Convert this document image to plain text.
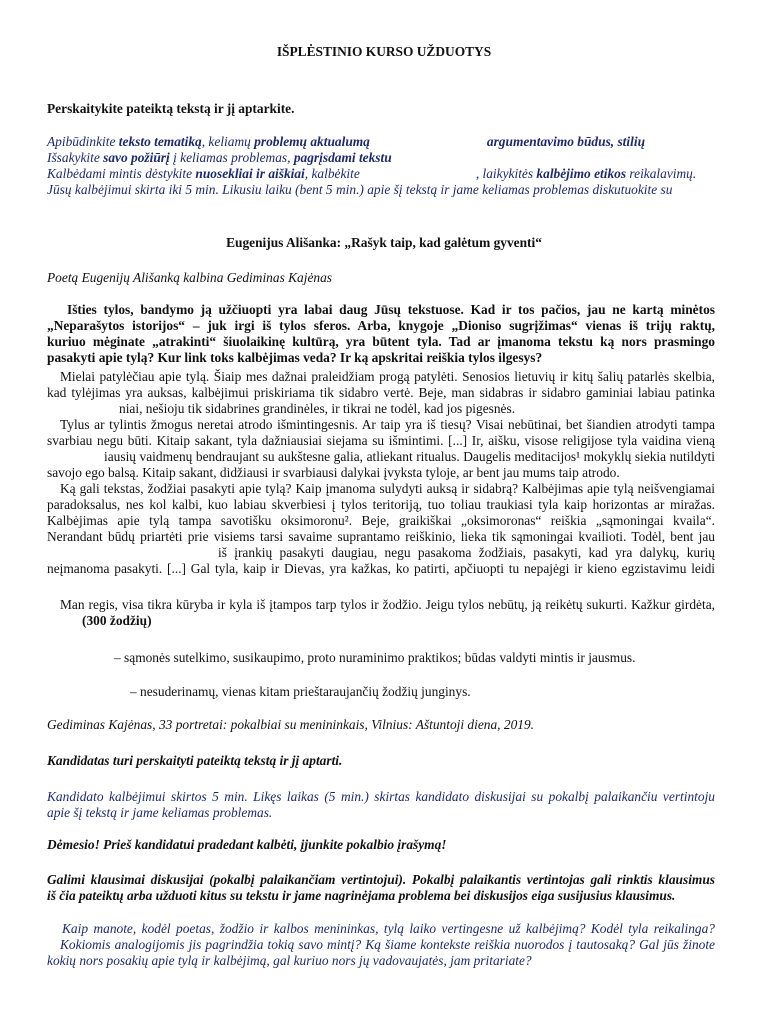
IŠPLĖSTINIO KURSO UŽDUOTYS
Perskaitykite pateiktą tekstą ir jį aptarkite.
Apibūdinkite teksto tematiką, keliamų problemų aktualumą	argumentavimo būdus, stilių
Išsakykite savo požiūrį į keliamas problemas, pagrįsdami tekstu
Kalbėdami mintis dėstykite nuosekliai ir aiškiai, kalbėkite	, laikykitės kalbėjimo etikos reikalavimų.
Jūsų kalbėjimui skirta iki 5 min. Likusiu laiku (bent 5 min.) apie šį tekstą ir jame keliamas problemas diskutuokite su
Eugenijus Ališanka: „Rašyk taip, kad galėtum gyventi“
Poetą Eugenijų Ališanką kalbina Gediminas Kajėnas
Išties tylos, bandymo ją užčiuopti yra labai daug Jūsų tekstuose. Kad ir tos pačios, jau ne kartą minėtos
„Neparašytos istorijos“ – juk irgi iš tylos sferos. Arba, knygoje „Dioniso sugrįžimas“ vienas iš trijų raktų,
kuriuo mėginate „atrakinti“ šiuolaikinę kultūrą, yra būtent tyla. Tad ar įmanoma tekstu ką nors prasmingo
pasakyti apie tylą? Kur link toks kalbėjimas veda? Ir ką apskritai reiškia tylos ilgesys?
Mielai patylėčiau apie tylą. Šiaip mes dažnai praleidžiam progą patylėti. Senosios lietuvių ir kitų šalių patarlės skelbia,
kad tylėjimas yra auksas, kalbėjimui priskiriama tik sidabro vertė. Beje, man sidabras ir sidabro gaminiai labiau patinka
niai, nešioju tik sidabrines grandinėles, ir tikrai ne todėl, kad jos pigesnės.
Tylus ar tylintis žmogus neretai atrodo išmintingesnis. Ar taip yra iš tiesų? Visai nebūtinai, bet šiandien atrodyti tampa
svarbiau negu būti. Kitaip sakant, tyla dažniausiai siejama su išmintimi. [...] Ir, aišku, visose religijose tyla vaidina vieną
iausių vaidmenų bendraujant su aukštesne galia, atliekant ritualus. Daugelis meditacijos¹ mokyklų siekia nutildyti
savojo ego balsą. Kitaip sakant, didžiausi ir svarbiausi dalykai įvyksta tyloje, ar bent jau mums taip atrodo.
Ką gali tekstas, žodžiai pasakyti apie tylą? Kaip įmanoma sulydyti auksą ir sidabrą? Kalbėjimas apie tylą neišvengiamai
paradoksalus, nes kol kalbi, kuo labiau skverbiesi į tylos teritoriją, tuo toliau traukiasi tyla kaip horizontas ar miražas.
Kalbėjimas apie tylą tampa savotišku oksimoronu². Beje, graikiškai „oksimoronas“ reiškia „sąmoningai kvaila“.
Nerandant būdų priartėti prie visiems tarsi savaime suprantamo reiškinio, lieka tik sąmoningai kvailioti. Todėl, bent jau
iš įrankių pasakyti daugiau, negu pasakoma žodžiais, pasakyti, kad yra dalykų, kurių
neįmanoma pasakyti. [...] Gal tyla, kaip ir Dievas, yra kažkas, ko patirti, apčiuopti tu nepajėgi ir kieno egzistavimu leidi
Man regis, visa tikra kūryba ir kyla iš įtampos tarp tylos ir žodžio. Jeigu tylos nebūtų, ją reikėtų sukurti. Kažkur girdėta,
(300 žodžių)
– sąmonės sutelkimo, susikaupimo, proto nuraminimo praktikos; būdas valdyti mintis ir jausmus.
– nesuderinamų, vienas kitam prieštaraujančių žodžių junginys.
Gediminas Kajėnas, 33 portretai: pokalbiai su menininkais, Vilnius: Aštuntoji diena, 2019.
Kandidatas turi perskaityti pateiktą tekstą ir jį aptarti.
Kandidato kalbėjimui skirtos 5 min. Likęs laikas (5 min.) skirtas kandidato diskusijai su pokalbį palaikančiu vertintoju
apie šį tekstą ir jame keliamas problemas.
Dėmesio! Prieš kandidatui pradedant kalbėti, įjunkite pokalbio įrašymą!
Galimi klausimai diskusijai (pokalbį palaikančiam vertintojui). Pokalbį palaikantis vertintojas gali rinktis klausimus
iš čia pateiktų arba užduoti kitus su tekstu ir jame nagrinėjama problema bei diskusijos eiga susijusius klausimus.
Kaip manote, kodėl poetas, žodžio ir kalbos menininkas, tylą laiko vertingesne už kalbėjimą? Kodėl tyla reikalinga?
Kokiomis analogijomis jis pagrindžia tokią savo mintį? Ką šiame kontekste reiškia nuorodos į tautosaką? Gal jūs žinote
kokių nors posakių apie tylą ir kalbėjimą, gal kuriuo nors jų vadovaujatės, jam pritariate?
